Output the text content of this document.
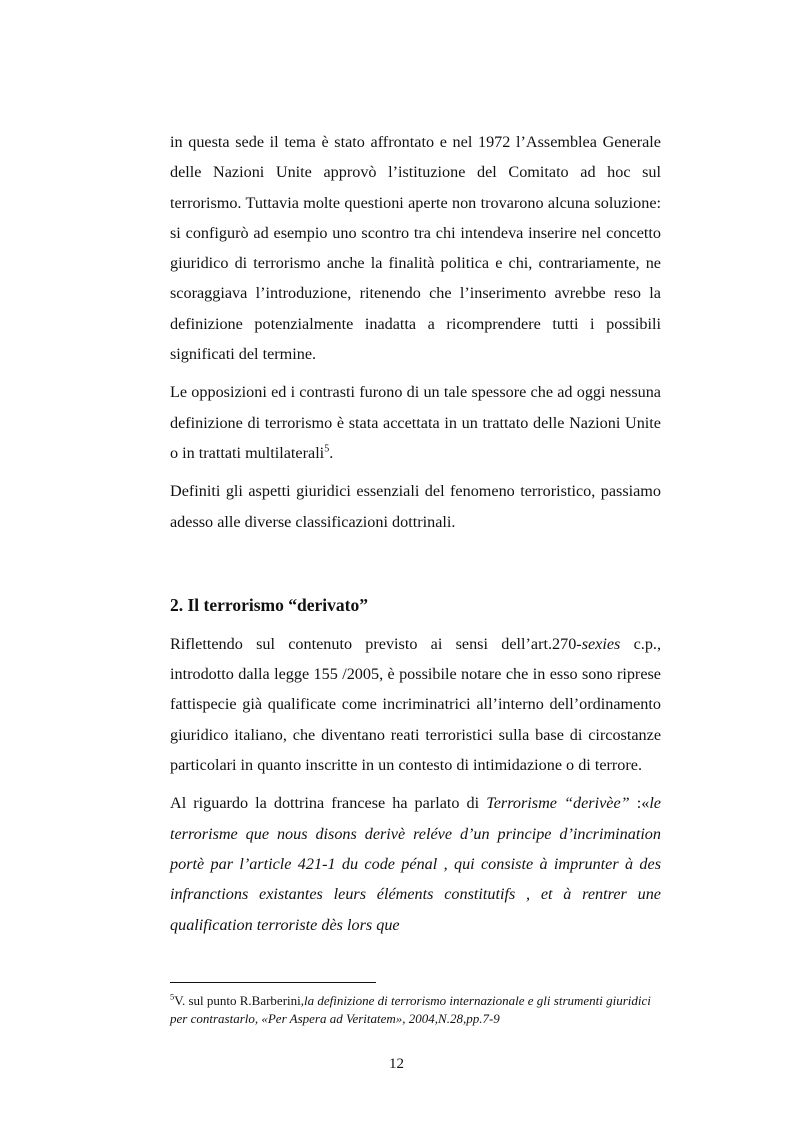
in questa sede il tema è stato affrontato e nel 1972 l’Assemblea Generale delle Nazioni Unite approvò l’istituzione del Comitato ad hoc sul terrorismo. Tuttavia molte questioni aperte non trovarono alcuna soluzione: si configurò ad esempio uno scontro tra chi intendeva inserire nel concetto giuridico di terrorismo anche la finalità politica e chi, contrariamente, ne scoraggiava l’introduzione, ritenendo che l’inserimento avrebbe reso la definizione potenzialmente inadatta a ricomprendere tutti i possibili significati del termine.

Le opposizioni ed i contrasti furono di un tale spessore che ad oggi nessuna definizione di terrorismo è stata accettata in un trattato delle Nazioni Unite o in trattati multilaterali$^5$.

Definiti gli aspetti giuridici essenziali del fenomeno terroristico, passiamo adesso alle diverse classificazioni dottrinali.

2. Il terrorismo “derivato”

Riflettendo sul contenuto previsto ai sensi dell’art.270-sexies c.p., introdotto dalla legge 155 /2005, è possibile notare che in esso sono riprese fattispecie già qualificate come incriminatrici all’interno dell’ordinamento giuridico italiano, che diventano reati terroristici sulla base di circostanze particolari in quanto inscritte in un contesto di intimidazione o di terrore.

Al riguardo la dottrina francese ha parlato di Terrorisme “derivèe” :«le terrorisme que nous disons derivè reléve d’un principe d’incrimination portè par l’article 421-1 du code pénal , qui consiste à imprunter à des infranctions existantes leurs éléments constitutifs , et à rentrer une qualification terroriste dès lors que

$^5$V. sul punto R.Barberini,la definizione di terrorismo internazionale e gli strumenti giuridici per contrastarlo, «Per Aspera ad Veritatem», 2004,N.28,pp.7-9
12
